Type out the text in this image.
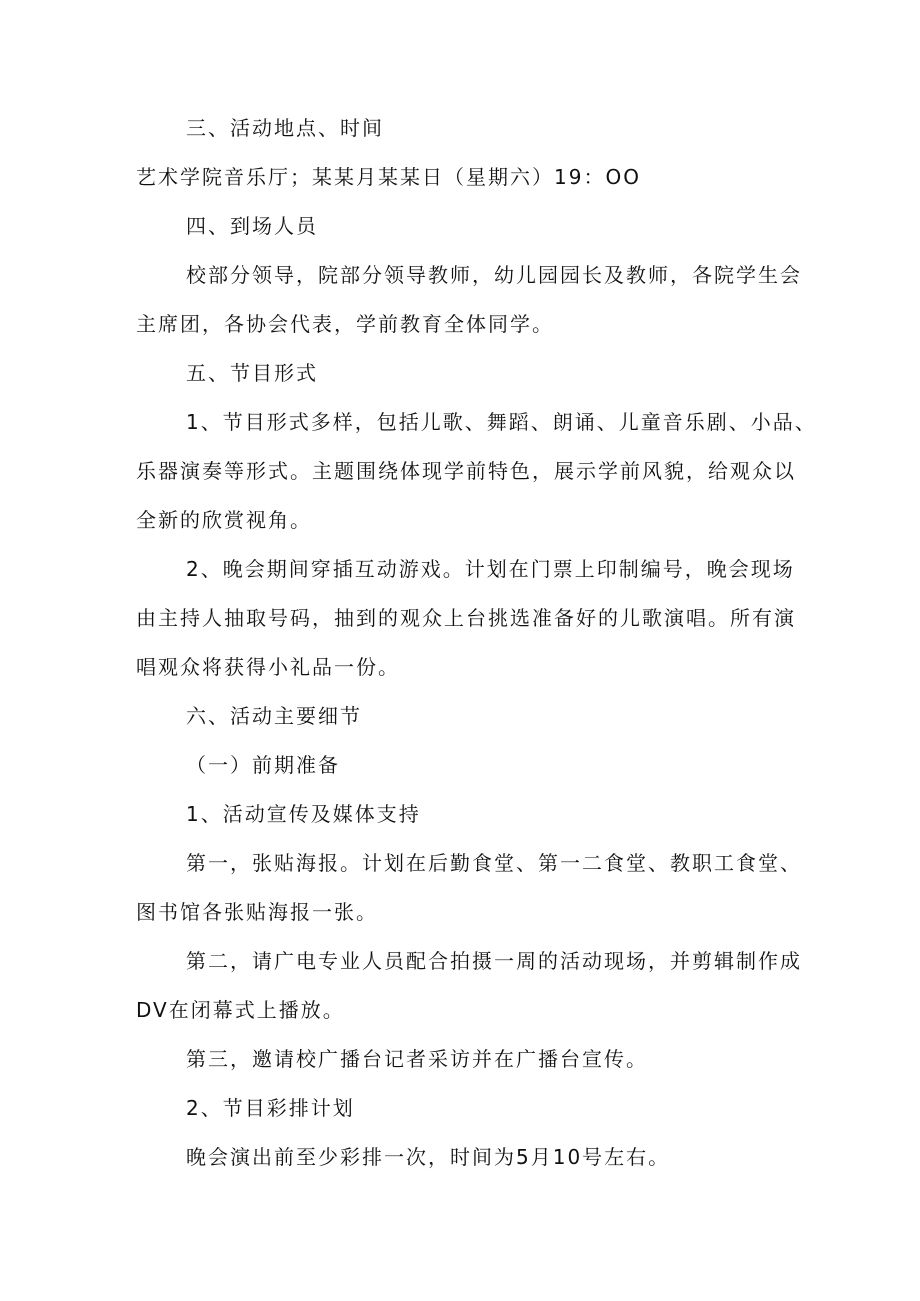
三、活动地点、时间

艺术学院音乐厅；某某月某某日（星期六）19：OO

四、到场人员

校部分领导，院部分领导教师，幼儿园园长及教师，各院学生会
主席团，各协会代表，学前教育全体同学。

五、节目形式

1、节目形式多样，包括儿歌、舞蹈、朗诵、儿童音乐剧、小品、
乐器演奏等形式。主题围绕体现学前特色，展示学前风貌，给观众以
全新的欣赏视角。

2、晚会期间穿插互动游戏。计划在门票上印制编号，晚会现场
由主持人抽取号码，抽到的观众上台挑选准备好的儿歌演唱。所有演
唱观众将获得小礼品一份。

六、活动主要细节

（一）前期准备

1、活动宣传及媒体支持

第一，张贴海报。计划在后勤食堂、第一二食堂、教职工食堂、
图书馆各张贴海报一张。

第二，请广电专业人员配合拍摄一周的活动现场，并剪辑制作成
DV在闭幕式上播放。

第三，邀请校广播台记者采访并在广播台宣传。

2、节目彩排计划

晚会演出前至少彩排一次，时间为5月10号左右。
